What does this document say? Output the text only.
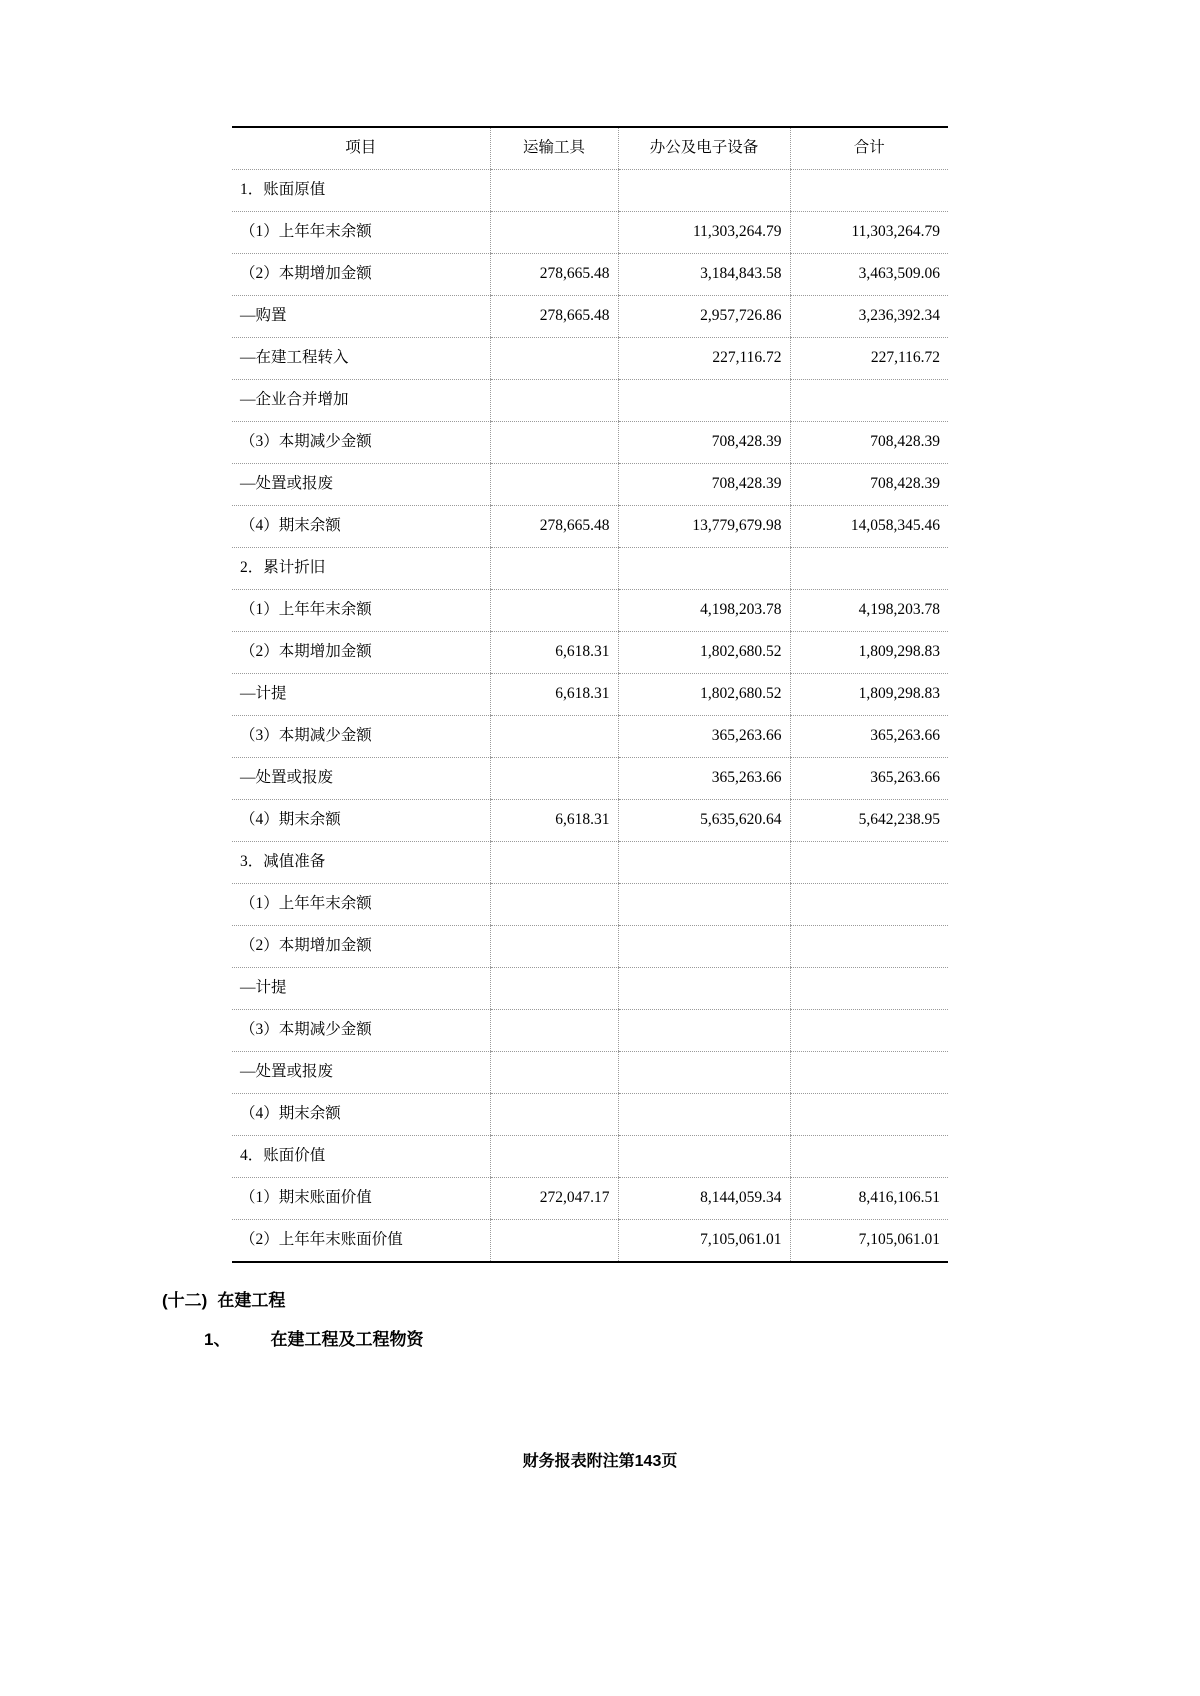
项目	运输工具	办公及电子设备	合计
1．账面原值			
（1）上年年末余额		11,303,264.79	11,303,264.79
（2）本期增加金额	278,665.48	3,184,843.58	3,463,509.06
—购置	278,665.48	2,957,726.86	3,236,392.34
—在建工程转入		227,116.72	227,116.72
—企业合并增加			
（3）本期减少金额		708,428.39	708,428.39
—处置或报废		708,428.39	708,428.39
（4）期末余额	278,665.48	13,779,679.98	14,058,345.46
2．累计折旧			
（1）上年年末余额		4,198,203.78	4,198,203.78
（2）本期增加金额	6,618.31	1,802,680.52	1,809,298.83
—计提	6,618.31	1,802,680.52	1,809,298.83
（3）本期减少金额		365,263.66	365,263.66
—处置或报废		365,263.66	365,263.66
（4）期末余额	6,618.31	5,635,620.64	5,642,238.95
3．减值准备			
（1）上年年末余额			
（2）本期增加金额			
—计提			
（3）本期减少金额			
—处置或报废			
（4）期末余额			
4．账面价值			
（1）期末账面价值	272,047.17	8,144,059.34	8,416,106.51
（2）上年年末账面价值		7,105,061.01	7,105,061.01
(十二) 在建工程
1、 在建工程及工程物资
财务报表附注第143页
